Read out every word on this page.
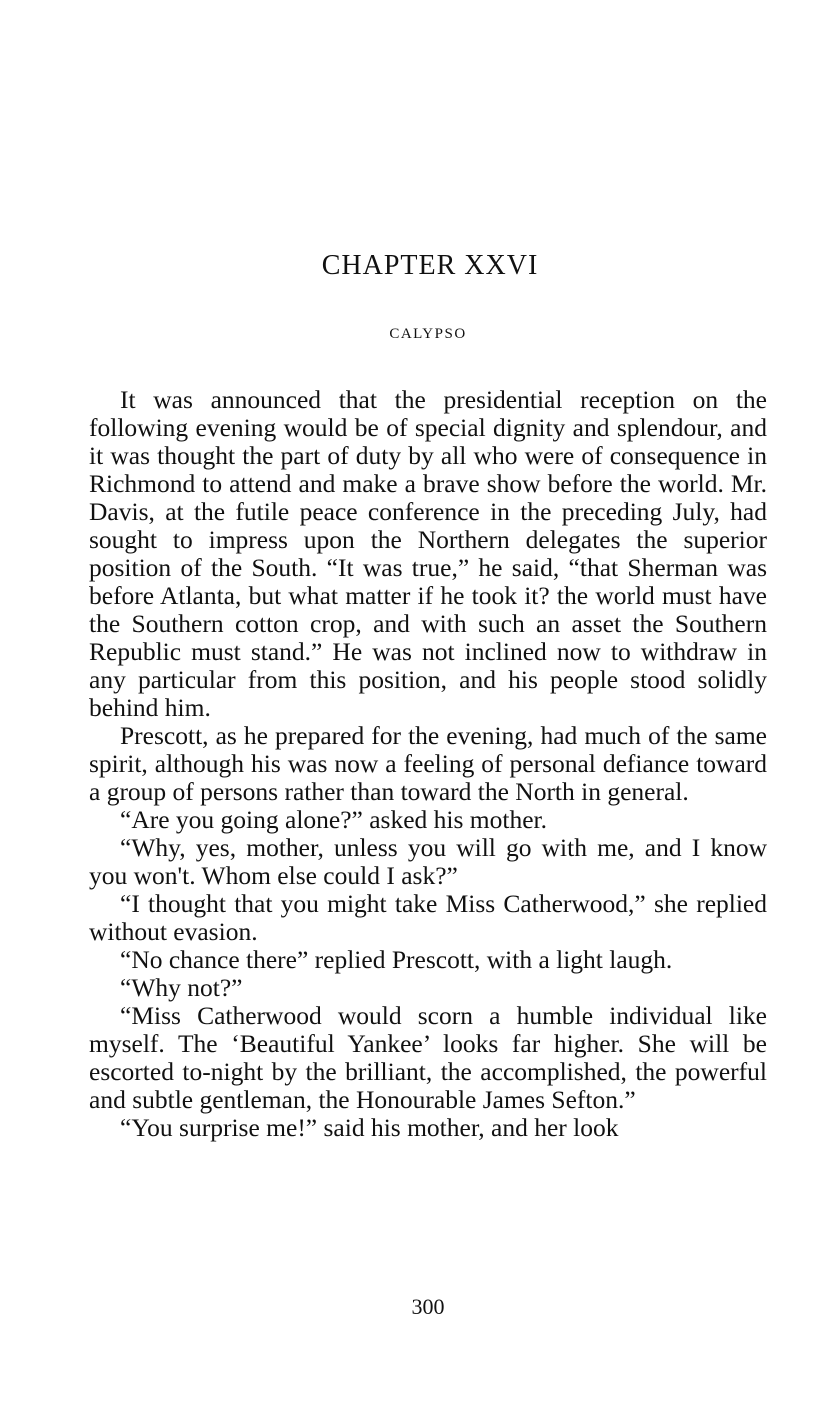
CHAPTER XXVI
CALYPSO

It was announced that the presidential reception on the following evening would be of special dignity and splendour, and it was thought the part of duty by all who were of consequence in Richmond to attend and make a brave show before the world. Mr. Davis, at the futile peace conference in the preceding July, had sought to impress upon the Northern delegates the superior position of the South. “It was true,” he said, “that Sherman was before Atlanta, but what matter if he took it? the world must have the Southern cotton crop, and with such an asset the Southern Republic must stand.” He was not inclined now to withdraw in any particular from this position, and his people stood solidly behind him.

Prescott, as he prepared for the evening, had much of the same spirit, although his was now a feeling of personal defiance toward a group of persons rather than toward the North in general.

“Are you going alone?” asked his mother.

“Why, yes, mother, unless you will go with me, and I know you won't. Whom else could I ask?”

“I thought that you might take Miss Catherwood,” she replied without evasion.

“No chance there” replied Prescott, with a light laugh.

“Why not?”

“Miss Catherwood would scorn a humble individual like myself. The ‘Beautiful Yankee’ looks far higher. She will be escorted to-night by the brilliant, the accomplished, the powerful and subtle gentleman, the Honourable James Sefton.”

“You surprise me!” said his mother, and her look

300
